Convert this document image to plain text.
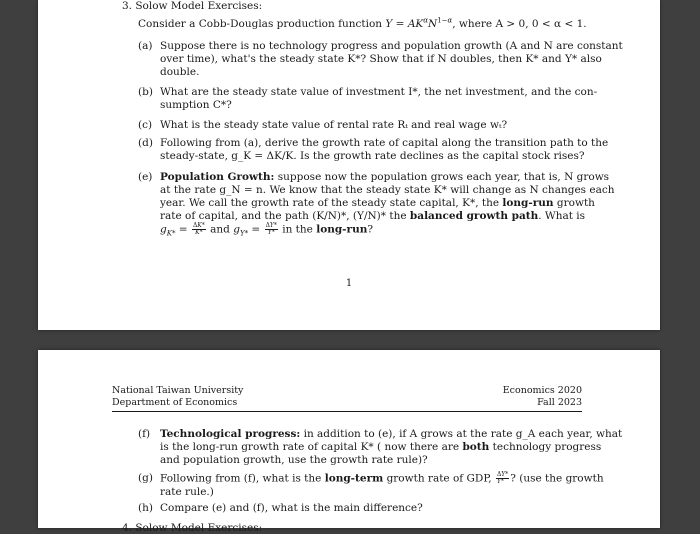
3. Solow Model Exercises:
Consider a Cobb-Douglas production function $Y = AK^\alpha N^{1-\alpha}$, where A > 0, 0 < α < 1.
(a) Suppose there is no technology progress and population growth (A and N are constant
over time), what's the steady state K*? Show that if N doubles, then K* and Y* also
double.
(b) What are the steady state value of investment I*, the net investment, and the con-
sumption C*?
(c) What is the steady state value of rental rate Rₜ and real wage wₜ?
(d) Following from (a), derive the growth rate of capital along the transition path to the
steady-state, g_K = ΔK/K. Is the growth rate declines as the capital stock rises?
(e) Population Growth: suppose now the population grows each year, that is, N grows
at the rate g_N = n. We know that the steady state K* will change as N changes each
year. We call the growth rate of the steady state capital, K*, the long-run growth
rate of capital, and the path (K/N)*, (Y/N)* the balanced growth path. What is
$g_{K*} = \frac{\Delta K*}{K*}$ and $g_{Y*} = \frac{\Delta Y*}{Y*}$ in the long-run?
1
National Taiwan University
Department of Economics
Economics 2020
Fall 2023
(f) Technological progress: in addition to (e), if A grows at the rate g_A each year, what
is the long-run growth rate of capital K* ( now there are both technology progress
and population growth, use the growth rate rule)?
(g) Following from (f), what is the long-term growth rate of GDP, $\frac{\Delta Y*}{Y*}$ ? (use the growth
rate rule.)
(h) Compare (e) and (f), what is the main difference?
4. Solow Model Exercises:
